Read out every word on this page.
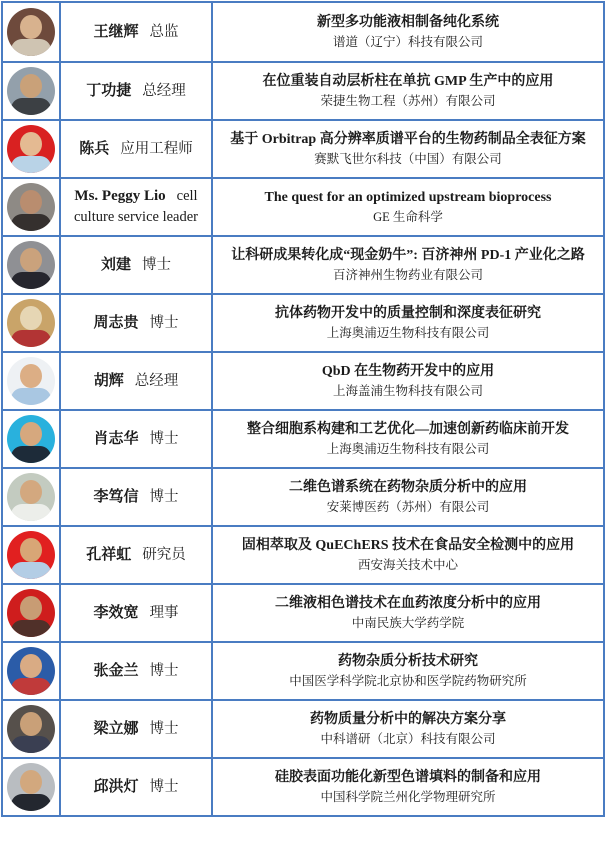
王继辉 总监
新型多功能液相制备纯化系统
谱道（辽宁）科技有限公司
丁功捷 总经理
在位重装自动层析柱在单抗 GMP 生产中的应用
荣捷生物工程（苏州）有限公司
陈兵 应用工程师
基于 Orbitrap 高分辨率质谱平台的生物药制品全表征方案
赛默飞世尔科技（中国）有限公司
Ms. Peggy Lio cell culture service leader
The quest for an optimized upstream bioprocess
GE 生命科学
刘建 博士
让科研成果转化成“现金奶牛”: 百济神州 PD-1 产业化之路
百济神州生物药业有限公司
周志贵 博士
抗体药物开发中的质量控制和深度表征研究
上海奥浦迈生物科技有限公司
胡辉 总经理
QbD 在生物药开发中的应用
上海盖浦生物科技有限公司
肖志华 博士
整合细胞系构建和工艺优化—加速创新药临床前开发
上海奥浦迈生物科技有限公司
李笃信 博士
二维色谱系统在药物杂质分析中的应用
安莱博医药（苏州）有限公司
孔祥虹 研究员
固相萃取及 QuEChERS 技术在食品安全检测中的应用
西安海关技术中心
李效宽 理事
二维液相色谱技术在血药浓度分析中的应用
中南民族大学药学院
张金兰 博士
药物杂质分析技术研究
中国医学科学院北京协和医学院药物研究所
梁立娜 博士
药物质量分析中的解决方案分享
中科谱研（北京）科技有限公司
邱洪灯 博士
硅胶表面功能化新型色谱填料的制备和应用
中国科学院兰州化学物理研究所
